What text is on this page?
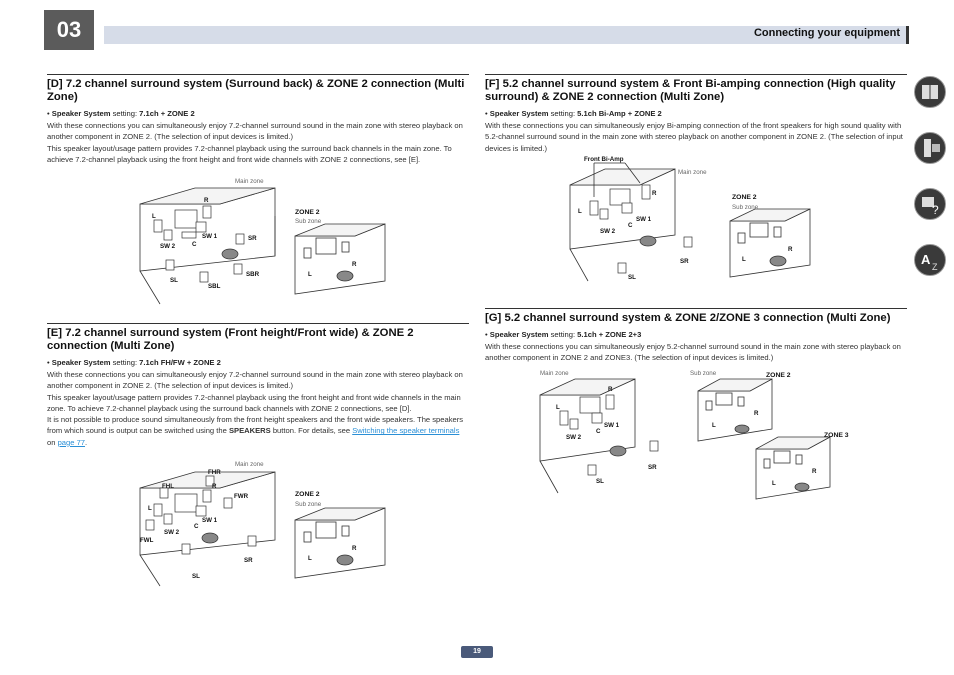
03	Connecting your equipment
[D] 7.2 channel surround system (Surround back) & ZONE 2 connection (Multi Zone)
• Speaker System setting: 7.1ch + ZONE 2

With these connections you can simultaneously enjoy 7.2-channel surround sound in the main zone with stereo playback on another component in ZONE 2. (The selection of input devices is limited.)

This speaker layout/usage pattern provides 7.2-channel playback using the surround back channels in the main zone. To achieve 7.2-channel playback using the front height and front wide channels with ZONE 2 connections, see [E].

Main zone
L
R
SW 2
SW 1
C
SR
SL
SBL
SBR
ZONE 2
Sub zone
L
R
[E] 7.2 channel surround system (Front height/Front wide) & ZONE 2 connection (Multi Zone)
• Speaker System setting: 7.1ch FH/FW + ZONE 2

With these connections you can simultaneously enjoy 7.2-channel surround sound in the main zone with stereo playback on another component in ZONE 2. (The selection of input devices is limited.)

This speaker layout/usage pattern provides 7.2-channel playback using the front height and front wide channels in the main zone. To achieve 7.2-channel playback using the surround back channels with ZONE 2 connections, see [D].

It is not possible to produce sound simultaneously from the front height speakers and the front wide speakers. The speakers from which sound is output can be switched using the SPEAKERS button. For details, see Switching the speaker terminals on page 77.

Main zone
FHL
FHR
L
R
FWR
FWL
SW 2
SW 1
C
SL
SR
ZONE 2
Sub zone
L
R
[F] 5.2 channel surround system & Front Bi-amping connection (High quality surround) & ZONE 2 connection (Multi Zone)
• Speaker System setting: 5.1ch Bi-Amp + ZONE 2

With these connections you can simultaneously enjoy Bi-amping connection of the front speakers for high sound quality with 5.2-channel surround sound in the main zone with stereo playback on another component in ZONE 2. (The selection of input devices is limited.)

Front Bi-Amp
Main zone
L
R
SW 1
SW 2
C
SR
SL
ZONE 2
Sub zone
L
R
[G] 5.2 channel surround system & ZONE 2/ZONE 3 connection (Multi Zone)
• Speaker System setting: 5.1ch + ZONE 2+3

With these connections you can simultaneously enjoy 5.2-channel surround sound in the main zone with stereo playback on another component in ZONE 2 and ZONE3. (The selection of input devices is limited.)

Main zone
L
R
SW 1
SW 2
C
SR
SL
Sub zone	ZONE 2
L
R
ZONE 3
L
R
?
A Z
19
